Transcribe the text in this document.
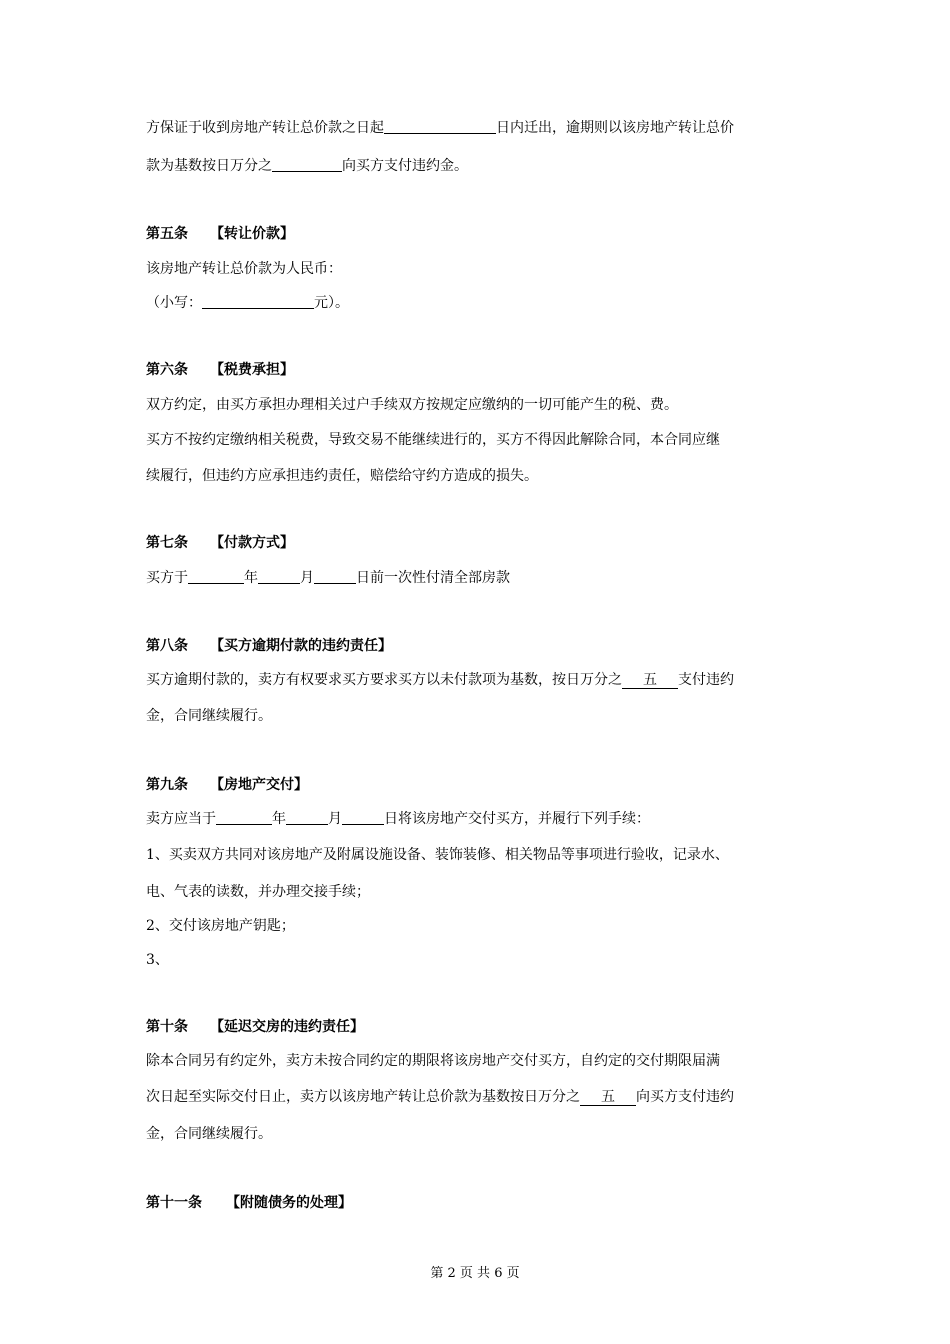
方保证于收到房地产转让总价款之日起	日内迁出，逾期则以该房地产转让总价
款为基数按日万分之	向买方支付违约金。
第五条 【转让价款】
该房地产转让总价款为人民币：
（小写：	元）。
第六条 【税费承担】
双方约定，由买方承担办理相关过户手续双方按规定应缴纳的一切可能产生的税、费。
买方不按约定缴纳相关税费，导致交易不能继续进行的，买方不得因此解除合同，本合同应继
续履行，但违约方应承担违约责任，赔偿给守约方造成的损失。
第七条 【付款方式】
买方于	年	月	日前一次性付清全部房款
第八条 【买方逾期付款的违约责任】
买方逾期付款的，卖方有权要求买方要求买方以未付款项为基数，按日万分之 五 支付违约
金，合同继续履行。
第九条 【房地产交付】
卖方应当于	年	月	日将该房地产交付买方，并履行下列手续：
1、买卖双方共同对该房地产及附属设施设备、装饰装修、相关物品等事项进行验收，记录水、
电、气表的读数，并办理交接手续；
2、交付该房地产钥匙；
3、
第十条 【延迟交房的违约责任】
除本合同另有约定外，卖方未按合同约定的期限将该房地产交付买方，自约定的交付期限届满
次日起至实际交付日止，卖方以该房地产转让总价款为基数按日万分之 五 向买方支付违约
金，合同继续履行。
第十一条 【附随债务的处理】
第 2 页 共 6 页
